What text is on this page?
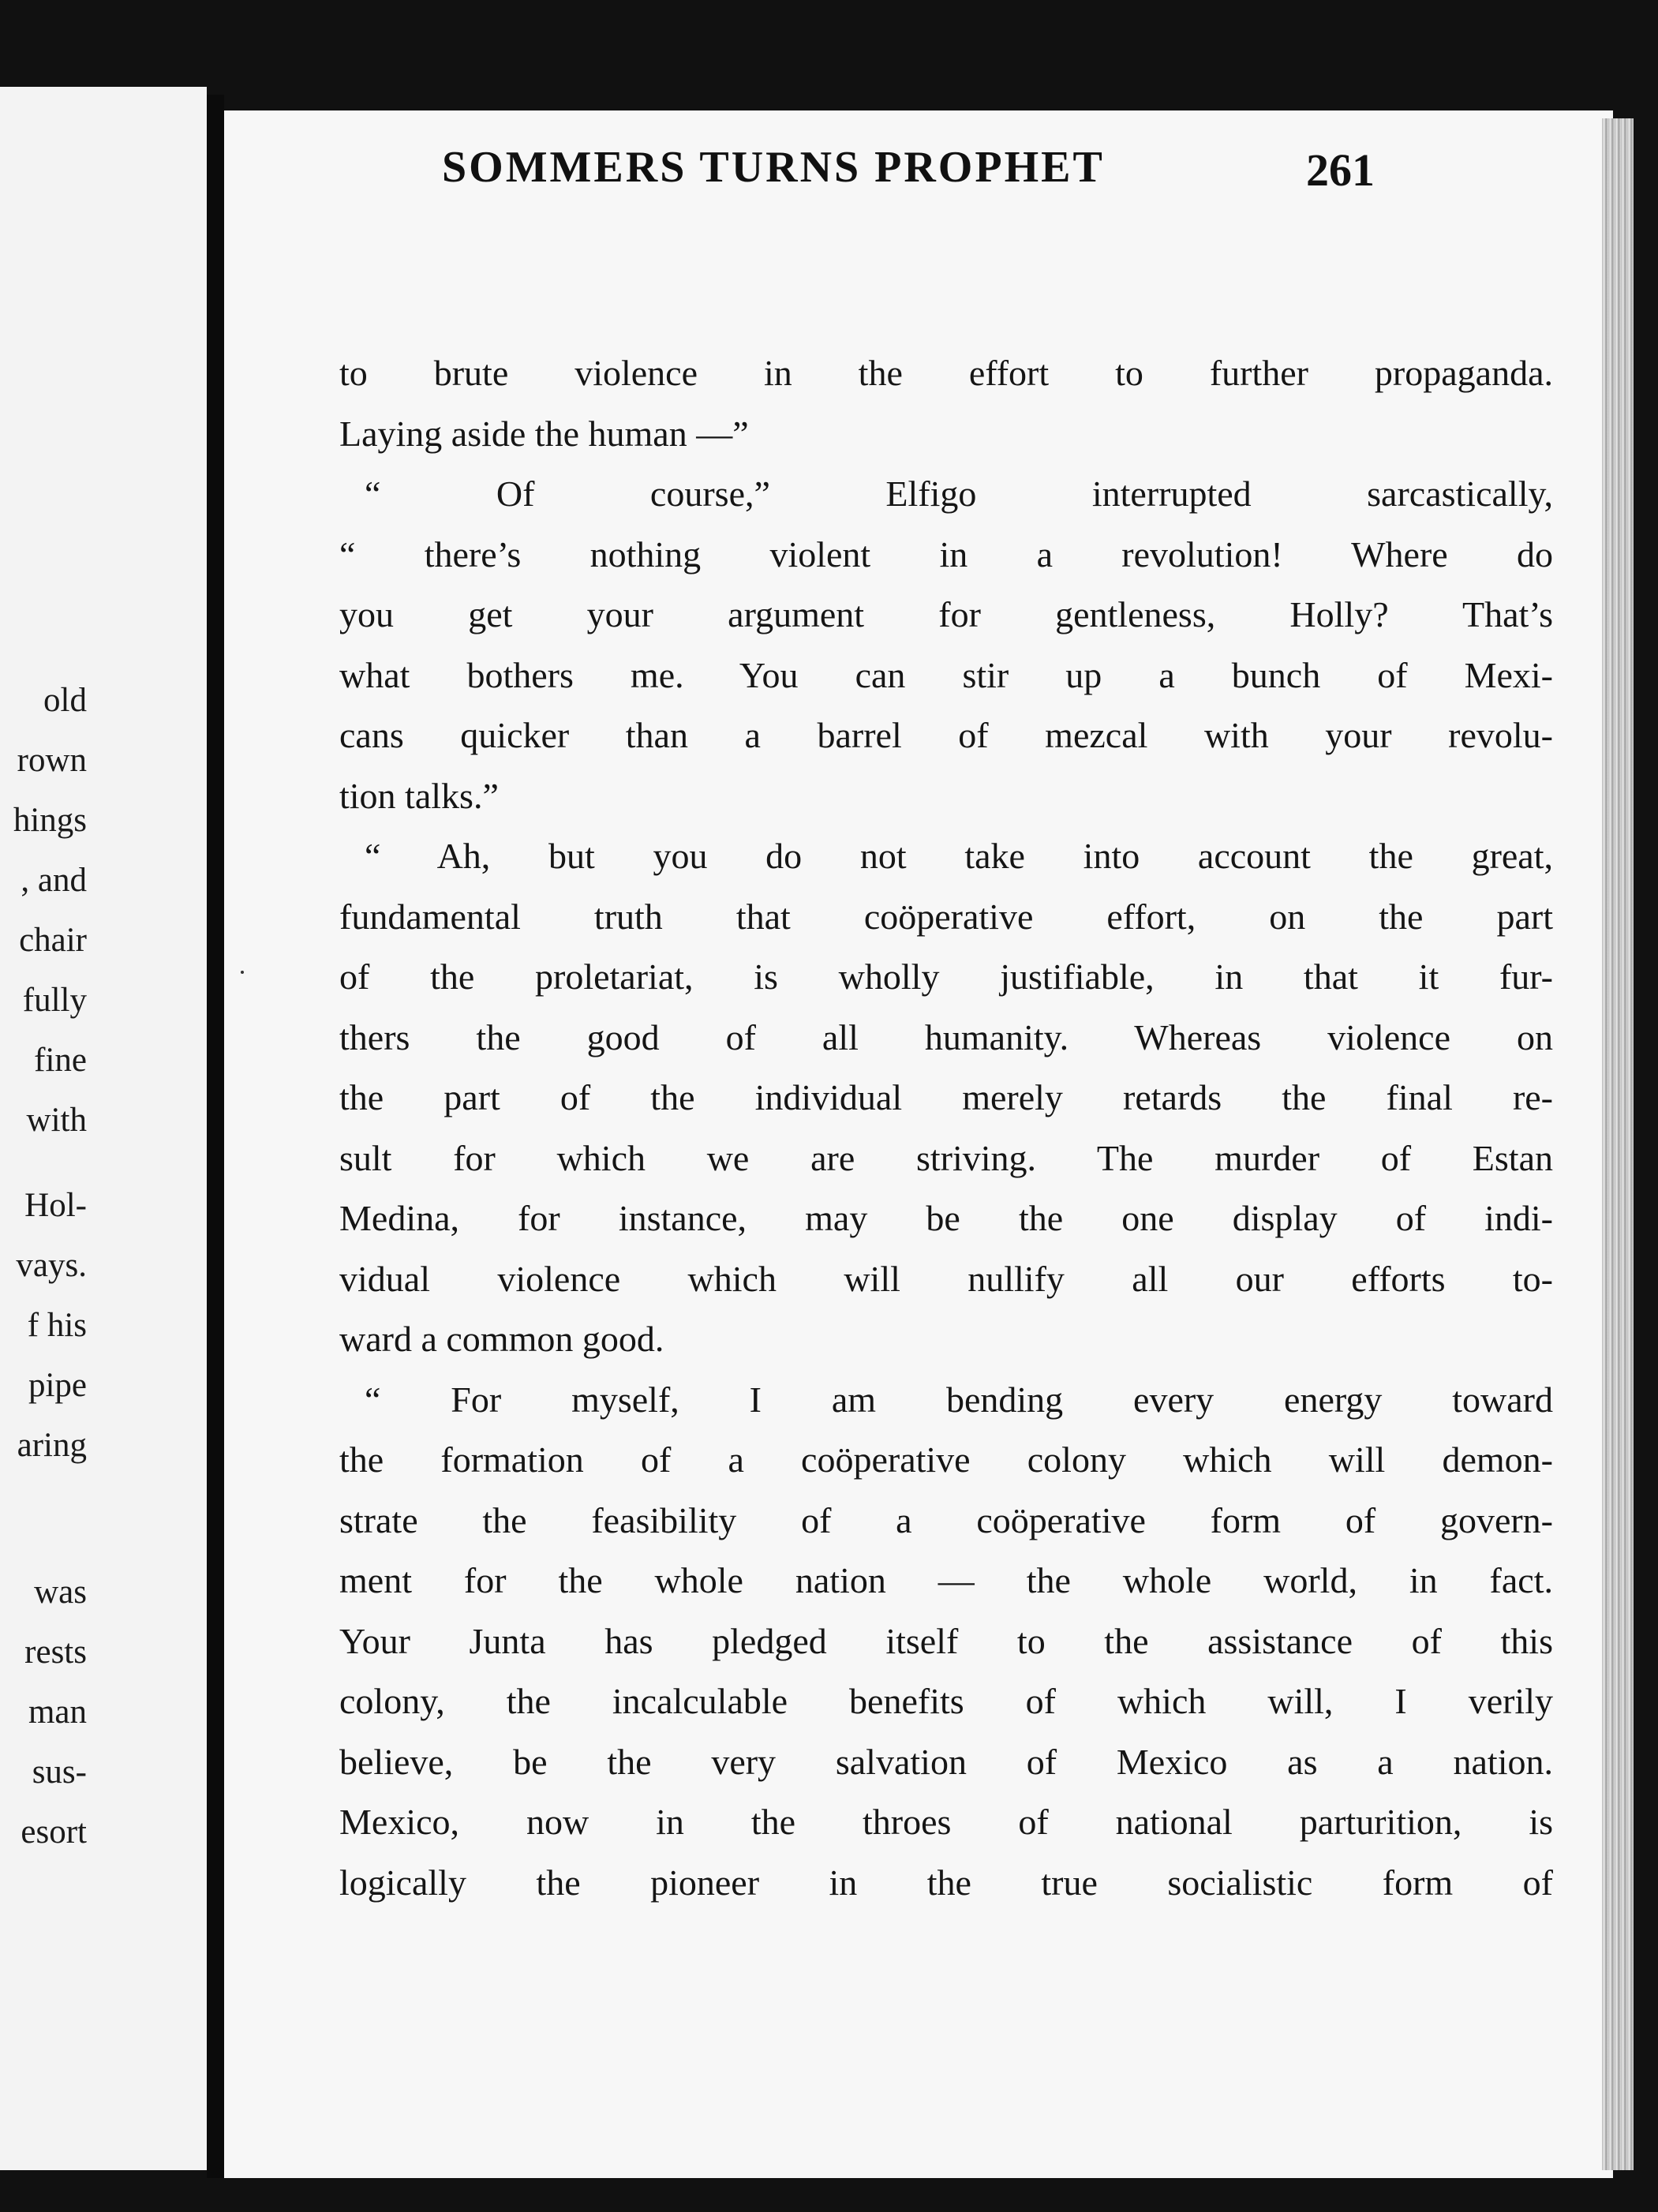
old
rown
hings
, and
chair
fully
fine
with
Hol-
vays.
f his
pipe
aring
was
rests
man
sus-
esort
to brute violence in the effort to further propaganda.
Laying aside the human —”
“ Of course,” Elfigo interrupted sarcastically,
“ there’s nothing violent in a revolution! Where do
you get your argument for gentleness, Holly? That’s
what bothers me. You can stir up a bunch of Mexi-
cans quicker than a barrel of mezcal with your revolu-
tion talks.”
“ Ah, but you do not take into account the great,
fundamental truth that coöperative effort, on the part
of the proletariat, is wholly justifiable, in that it fur-
thers the good of all humanity. Whereas violence on
the part of the individual merely retards the final re-
sult for which we are striving. The murder of Estan
Medina, for instance, may be the one display of indi-
vidual violence which will nullify all our efforts to-
ward a common good.
“ For myself, I am bending every energy toward
the formation of a coöperative colony which will demon-
strate the feasibility of a coöperative form of govern-
ment for the whole nation — the whole world, in fact.
Your Junta has pledged itself to the assistance of this
colony, the incalculable benefits of which will, I verily
believe, be the very salvation of Mexico as a nation.
Mexico, now in the throes of national parturition, is
logically the pioneer in the true socialistic form of
SOMMERS TURNS PROPHET	261
